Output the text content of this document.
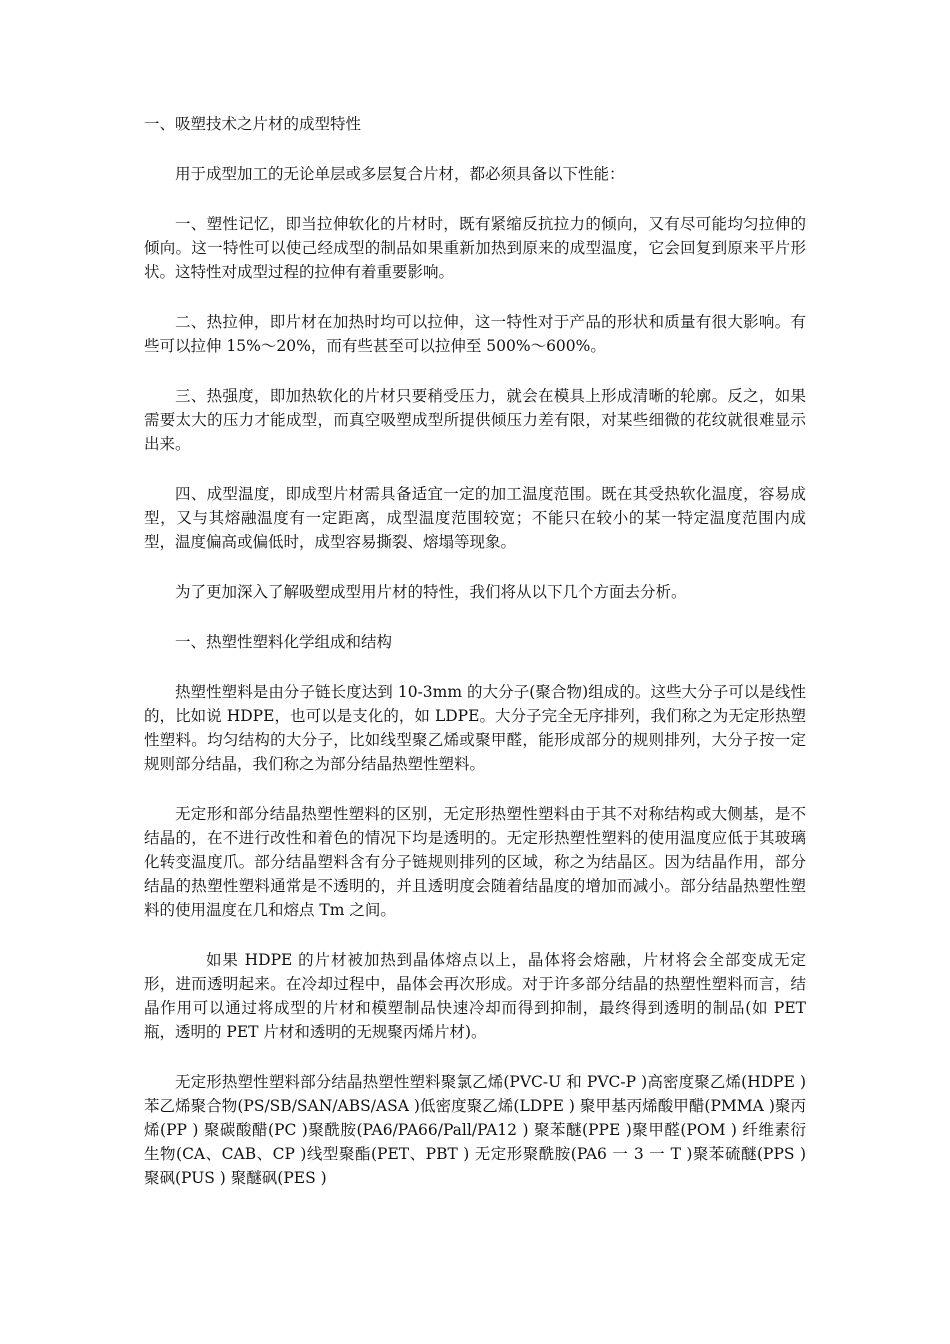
一、吸塑技术之片材的成型特性

用于成型加工的无论单层或多层复合片材，都必须具备以下性能：

一、塑性记忆，即当拉伸软化的片材时，既有紧缩反抗拉力的倾向，又有尽可能均匀拉伸的倾向。这一特性可以使己经成型的制品如果重新加热到原来的成型温度，它会回复到原来平片形状。这特性对成型过程的拉伸有着重要影响。

二、热拉伸，即片材在加热时均可以拉伸，这一特性对于产品的形状和质量有很大影响。有些可以拉伸 15%～20%，而有些甚至可以拉伸至 500%～600%。

三、热强度，即加热软化的片材只要稍受压力，就会在模具上形成清晰的轮廓。反之，如果需要太大的压力才能成型，而真空吸塑成型所提供倾压力差有限，对某些细微的花纹就很难显示出来。

四、成型温度，即成型片材需具备适宜一定的加工温度范围。既在其受热软化温度，容易成型，又与其熔融温度有一定距离，成型温度范围较宽；不能只在较小的某一特定温度范围内成型，温度偏高或偏低时，成型容易撕裂、熔塌等现象。

为了更加深入了解吸塑成型用片材的特性，我们将从以下几个方面去分析。

一、热塑性塑料化学组成和结构

热塑性塑料是由分子链长度达到 10-3mm 的大分子(聚合物)组成的。这些大分子可以是线性的，比如说 HDPE，也可以是支化的，如 LDPE。大分子完全无序排列，我们称之为无定形热塑性塑料。均匀结构的大分子，比如线型聚乙烯或聚甲醛，能形成部分的规则排列，大分子按一定规则部分结晶，我们称之为部分结晶热塑性塑料。

无定形和部分结晶热塑性塑料的区别，无定形热塑性塑料由于其不对称结构或大侧基，是不结晶的，在不进行改性和着色的情况下均是透明的。无定形热塑性塑料的使用温度应低于其玻璃化转变温度爪。部分结晶塑料含有分子链规则排列的区域，称之为结晶区。因为结晶作用，部分结晶的热塑性塑料通常是不透明的，并且透明度会随着结晶度的增加而减小。部分结晶热塑性塑料的使用温度在几和熔点 Tm 之间。

如果 HDPE 的片材被加热到晶体熔点以上，晶体将会熔融，片材将会全部变成无定形，进而透明起来。在冷却过程中，晶体会再次形成。对于许多部分结晶的热塑性塑料而言，结晶作用可以通过将成型的片材和模塑制品快速冷却而得到抑制，最终得到透明的制品(如 PET 瓶，透明的 PET 片材和透明的无规聚丙烯片材)。

无定形热塑性塑料部分结晶热塑性塑料聚氯乙烯(PVC-U 和 PVC-P )高密度聚乙烯(HDPE )苯乙烯聚合物(PS/SB/SAN/ABS/ASA )低密度聚乙烯(LDPE ) 聚甲基丙烯酸甲醋(PMMA )聚丙烯(PP ) 聚碳酸醋(PC )聚酰胺(PA6/PA66/Pall/PA12 ) 聚苯醚(PPE )聚甲醛(POM ) 纤维素衍生物(CA、CAB、CP )线型聚酯(PET、PBT ) 无定形聚酰胺(PA6 一 3 一 T )聚苯硫醚(PPS ) 聚砜(PUS ) 聚醚砜(PES )
